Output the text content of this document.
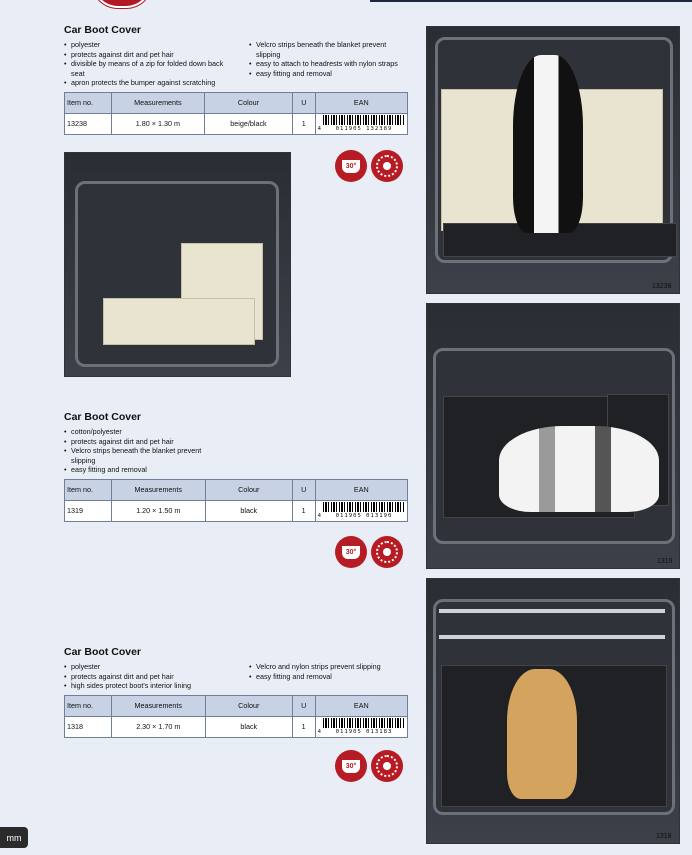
Car Boot Cover
• polyester
• protects against dirt and pet hair
• divisible by means of a zip for folded down back seat
• apron protects the bumper against scratching
• Velcro strips beneath the blanket prevent slipping
• easy to attach to headrests with nylon straps
• easy fitting and removal
Item no.	Measurements	Colour	U	EAN
13238	1.80 × 1.30 m	beige/black	1	4 011905 132389
30°
13238
Car Boot Cover
• cotton/polyester
• protects against dirt and pet hair
• Velcro strips beneath the blanket prevent slipping
• easy fitting and removal
Item no.	Measurements	Colour	U	EAN
1319	1.20 × 1.50 m	black	1	4 011905 013190
30°
1319
Car Boot Cover
• polyester
• protects against dirt and pet hair
• high sides protect boot's interior lining
• Velcro and nylon strips prevent slipping
• easy fitting and removal
Item no.	Measurements	Colour	U	EAN
1318	2.30 × 1.70 m	black	1	4 011905 013183
30°
1318
mm
